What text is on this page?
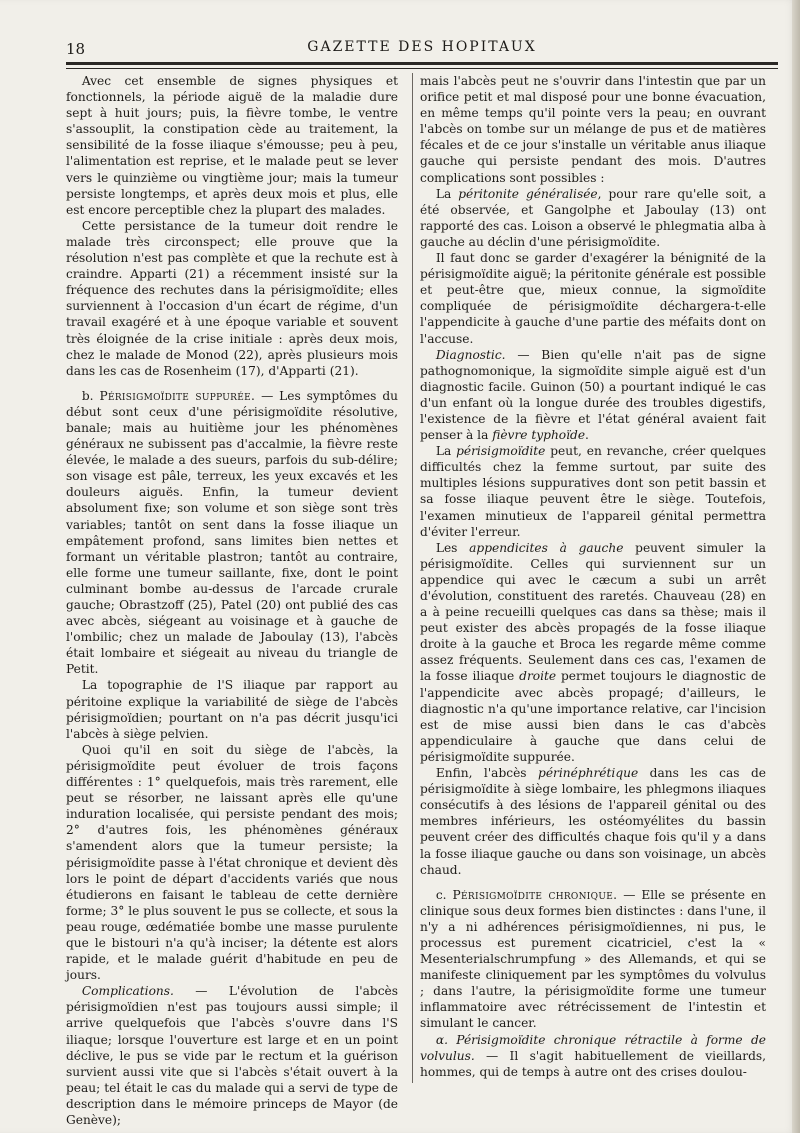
18	GAZETTE DES HOPITAUX

Avec cet ensemble de signes physiques et fonctionnels, la période aiguë de la maladie dure sept à huit jours; puis, la fièvre tombe, le ventre s'assouplit, la constipation cède au traitement, la sensibilité de la fosse iliaque s'émousse; peu à peu, l'alimentation est reprise, et le malade peut se lever vers le quinzième ou vingtième jour; mais la tumeur persiste longtemps, et après deux mois et plus, elle est encore perceptible chez la plupart des malades.

Cette persistance de la tumeur doit rendre le malade très circonspect; elle prouve que la résolution n'est pas complète et que la rechute est à craindre. Apparti (21) a récemment insisté sur la fréquence des rechutes dans la périsigmoïdite; elles surviennent à l'occasion d'un écart de régime, d'un travail exagéré et à une époque variable et souvent très éloignée de la crise initiale : après deux mois, chez le malade de Monod (22), après plusieurs mois dans les cas de Rosenheim (17), d'Apparti (21).

b. Périsigmoïdite suppurée. — Les symptômes du début sont ceux d'une périsigmoïdite résolutive, banale; mais au huitième jour les phénomènes généraux ne subissent pas d'accalmie, la fièvre reste élevée, le malade a des sueurs, parfois du sub-délire; son visage est pâle, terreux, les yeux excavés et les douleurs aiguës. Enfin, la tumeur devient absolument fixe; son volume et son siège sont très variables; tantôt on sent dans la fosse iliaque un empâtement profond, sans limites bien nettes et formant un véritable plastron; tantôt au contraire, elle forme une tumeur saillante, fixe, dont le point culminant bombe au-dessus de l'arcade crurale gauche; Obrastzoff (25), Patel (20) ont publié des cas avec abcès, siégeant au voisinage et à gauche de l'ombilic; chez un malade de Jaboulay (13), l'abcès était lombaire et siégeait au niveau du triangle de Petit.

La topographie de l'S iliaque par rapport au péritoine explique la variabilité de siège de l'abcès périsigmoïdien; pourtant on n'a pas décrit jusqu'ici l'abcès à siège pelvien.

Quoi qu'il en soit du siège de l'abcès, la périsigmoïdite peut évoluer de trois façons différentes : 1° quelquefois, mais très rarement, elle peut se résorber, ne laissant après elle qu'une induration localisée, qui persiste pendant des mois; 2° d'autres fois, les phénomènes généraux s'amendent alors que la tumeur persiste; la périsigmoïdite passe à l'état chronique et devient dès lors le point de départ d'accidents variés que nous étudierons en faisant le tableau de cette dernière forme; 3° le plus souvent le pus se collecte, et sous la peau rouge, œdématiée bombe une masse purulente que le bistouri n'a qu'à inciser; la détente est alors rapide, et le malade guérit d'habitude en peu de jours.

Complications. — L'évolution de l'abcès périsigmoïdien n'est pas toujours aussi simple; il arrive quelquefois que l'abcès s'ouvre dans l'S iliaque; lorsque l'ouverture est large et en un point déclive, le pus se vide par le rectum et la guérison survient aussi vite que si l'abcès s'était ouvert à la peau; tel était le cas du malade qui a servi de type de description dans le mémoire princeps de Mayor (de Genève);

mais l'abcès peut ne s'ouvrir dans l'intestin que par un orifice petit et mal disposé pour une bonne évacuation, en même temps qu'il pointe vers la peau; en ouvrant l'abcès on tombe sur un mélange de pus et de matières fécales et de ce jour s'installe un véritable anus iliaque gauche qui persiste pendant des mois. D'autres complications sont possibles :

La péritonite généralisée, pour rare qu'elle soit, a été observée, et Gangolphe et Jaboulay (13) ont rapporté des cas. Loison a observé le phlegmatia alba à gauche au déclin d'une périsigmoïdite.

Il faut donc se garder d'exagérer la bénignité de la périsigmoïdite aiguë; la péritonite générale est possible et peut-être que, mieux connue, la sigmoïdite compliquée de périsigmoïdite déchargera-t-elle l'appendicite à gauche d'une partie des méfaits dont on l'accuse.

Diagnostic. — Bien qu'elle n'ait pas de signe pathognomonique, la sigmoïdite simple aiguë est d'un diagnostic facile. Guinon (50) a pourtant indiqué le cas d'un enfant où la longue durée des troubles digestifs, l'existence de la fièvre et l'état général avaient fait penser à la fièvre typhoïde.

La périsigmoïdite peut, en revanche, créer quelques difficultés chez la femme surtout, par suite des multiples lésions suppuratives dont son petit bassin et sa fosse iliaque peuvent être le siège. Toutefois, l'examen minutieux de l'appareil génital permettra d'éviter l'erreur.

Les appendicites à gauche peuvent simuler la périsigmoïdite. Celles qui surviennent sur un appendice qui avec le cæcum a subi un arrêt d'évolution, constituent des raretés. Chauveau (28) en a à peine recueilli quelques cas dans sa thèse; mais il peut exister des abcès propagés de la fosse iliaque droite à la gauche et Broca les regarde même comme assez fréquents. Seulement dans ces cas, l'examen de la fosse iliaque droite permet toujours le diagnostic de l'appendicite avec abcès propagé; d'ailleurs, le diagnostic n'a qu'une importance relative, car l'incision est de mise aussi bien dans le cas d'abcès appendiculaire à gauche que dans celui de périsigmoïdite suppurée.

Enfin, l'abcès périnéphrétique dans les cas de périsigmoïdite à siège lombaire, les phlegmons iliaques consécutifs à des lésions de l'appareil génital ou des membres inférieurs, les ostéomyélites du bassin peuvent créer des difficultés chaque fois qu'il y a dans la fosse iliaque gauche ou dans son voisinage, un abcès chaud.

c. Périsigmoïdite chronique. — Elle se présente en clinique sous deux formes bien distinctes : dans l'une, il n'y a ni adhérences périsigmoïdiennes, ni pus, le processus est purement cicatriciel, c'est la « Mesenterialschrumpfung » des Allemands, et qui se manifeste cliniquement par les symptômes du volvulus ; dans l'autre, la périsigmoïdite forme une tumeur inflammatoire avec rétrécissement de l'intestin et simulant le cancer.

α. Périsigmoïdite chronique rétractile à forme de volvulus. — Il s'agit habituellement de vieillards, hommes, qui de temps à autre ont des crises doulou-
